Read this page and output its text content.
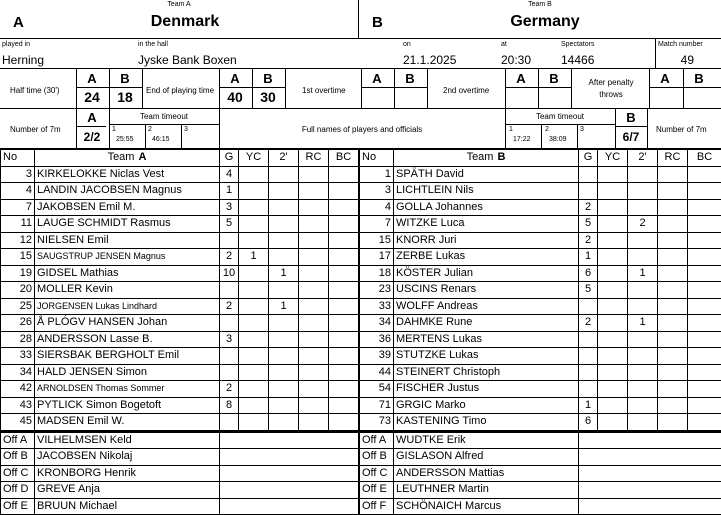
Team A	Team B
A	Denmark	B	Germany
played in
Herning
in the hall
Jyske Bank Boxen
on
21.1.2025
at
20:30
Spectators
14466
Match number
49
Half time (30')
A	B
24	18	End of playing time
A	B
40	30	1st overtime
A	B
2nd overtime
A	B	After penalty throws
A	B
Number of 7m
A
2/2
Team timeout
1
25:55
2
46:15
3	Full names of players and officials
Team timeout
1
17:22
2
38:09
3
B
6/7
Number of 7m
No	Team A	G	YC	2'	RC	BC
3	KIRKELOKKE Niclas Vest	4				
4	LANDIN JACOBSEN Magnus	1				
7	JAKOBSEN Emil M.	3				
11	LAUGE SCHMIDT Rasmus	5				
12	NIELSEN Emil					
15	SAUGSTRUP JENSEN Magnus	2	1			
19	GIDSEL Mathias	10		1		
20	MOLLER Kevin					
25	JORGENSEN Lukas Lindhard	2		1		
26	Å PLÓGV HANSEN Johan					
28	ANDERSSON Lasse B.	3				
33	SIERSBAK BERGHOLT Emil					
34	HALD JENSEN Simon					
42	ARNOLDSEN Thomas Sommer	2				
43	PYTLICK Simon Bogetoft	8				
45	MADSEN Emil W.					
Off A	VILHELMSEN Keld					
Off B	JACOBSEN Nikolaj					
Off C	KRONBORG Henrik					
Off D	GREVE Anja					
Off E	BRUUN Michael					
No	Team B	G	YC	2'	RC	BC
1	SPÄTH David					
3	LICHTLEIN Nils					
4	GOLLA Johannes	2				
7	WITZKE Luca	5		2		
15	KNORR Juri	2				
17	ZERBE Lukas	1				
18	KÖSTER Julian	6		1		
23	USCINS Renars	5				
33	WOLFF Andreas					
34	DAHMKE Rune	2		1		
36	MERTENS Lukas					
39	STUTZKE Lukas					
44	STEINERT Christoph					
54	FISCHER Justus					
71	GRGIC Marko	1				
73	KASTENING Timo	6				
Off A	WUDTKE Erik					
Off B	GISLASON Alfred					
Off C	ANDERSSON Mattias					
Off E	LEUTHNER Martin					
Off F	SCHÖNAICH Marcus					
